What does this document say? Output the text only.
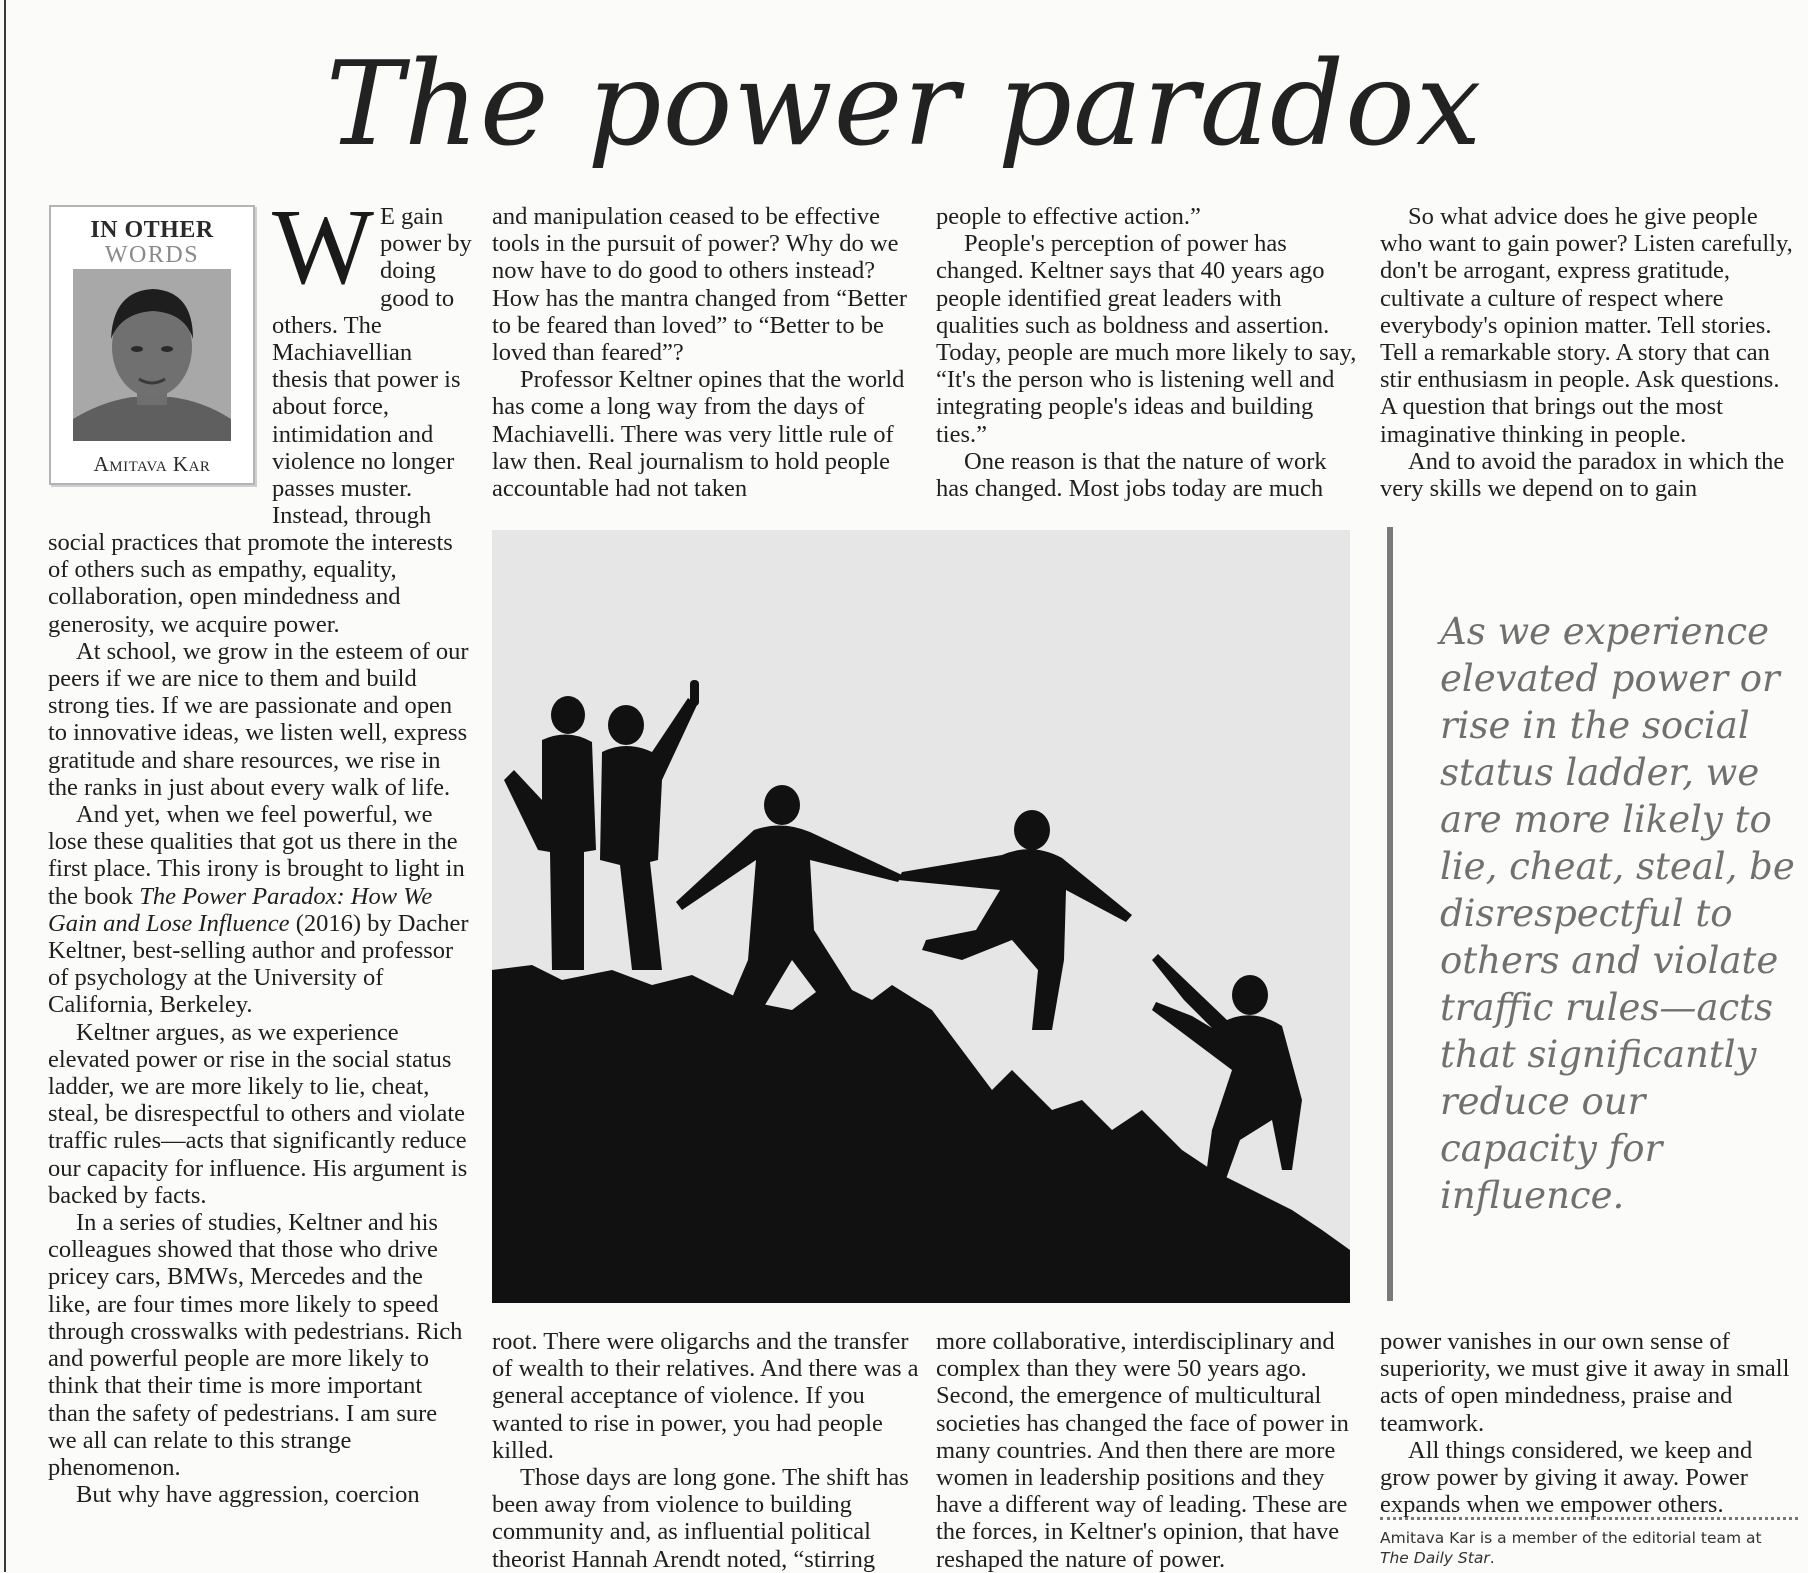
The power paradox
IN OTHER
WORDS
Amitava Kar

W E gain power by doing good to others. The Machiavellian thesis that power is about force, intimidation and violence no longer passes muster. Instead, through

social practices that promote the interests of others such as empathy, equality, collaboration, open mindedness and generosity, we acquire power.

At school, we grow in the esteem of our peers if we are nice to them and build strong ties. If we are passionate and open to innovative ideas, we listen well, express gratitude and share resources, we rise in the ranks in just about every walk of life.

And yet, when we feel powerful, we lose these qualities that got us there in the first place. This irony is brought to light in the book The Power Paradox: How We Gain and Lose Influence (2016) by Dacher Keltner, best-selling author and professor of psychology at the University of California, Berkeley.

Keltner argues, as we experience elevated power or rise in the social status ladder, we are more likely to lie, cheat, steal, be disrespectful to others and violate traffic rules—acts that significantly reduce our capacity for influence. His argument is backed by facts.

In a series of studies, Keltner and his colleagues showed that those who drive pricey cars, BMWs, Mercedes and the like, are four times more likely to speed through crosswalks with pedestrians. Rich and powerful people are more likely to think that their time is more important than the safety of pedestrians. I am sure we all can relate to this strange phenomenon.

But why have aggression, coercion

and manipulation ceased to be effective tools in the pursuit of power? Why do we now have to do good to others instead? How has the mantra changed from “Better to be feared than loved” to “Better to be loved than feared”?

Professor Keltner opines that the world has come a long way from the days of Machiavelli. There was very little rule of law then. Real journalism to hold people accountable had not taken

root. There were oligarchs and the transfer of wealth to their relatives. And there was a general acceptance of violence. If you wanted to rise in power, you had people killed.

Those days are long gone. The shift has been away from violence to building community and, as influential political theorist Hannah Arendt noted, “stirring

people to effective action.”

People's perception of power has changed. Keltner says that 40 years ago people identified great leaders with qualities such as boldness and assertion. Today, people are much more likely to say, “It's the person who is listening well and integrating people's ideas and building ties.”

One reason is that the nature of work has changed. Most jobs today are much

more collaborative, interdisciplinary and complex than they were 50 years ago. Second, the emergence of multicultural societies has changed the face of power in many countries. And then there are more women in leadership positions and they have a different way of leading. These are the forces, in Keltner's opinion, that have reshaped the nature of power.

So what advice does he give people who want to gain power? Listen carefully, don't be arrogant, express gratitude, cultivate a culture of respect where everybody's opinion matter. Tell stories. Tell a remarkable story. A story that can stir enthusiasm in people. Ask questions. A question that brings out the most imaginative thinking in people.

And to avoid the paradox in which the very skills we depend on to gain

power vanishes in our own sense of superiority, we must give it away in small acts of open mindedness, praise and teamwork.

All things considered, we keep and grow power by giving it away. Power expands when we empower others.

As we experience elevated power or rise in the social status ladder, we are more likely to lie, cheat, steal, be disrespectful to others and violate traffic rules—acts that significantly reduce our capacity for influence.
Amitava Kar is a member of the editorial team at
The Daily Star.
